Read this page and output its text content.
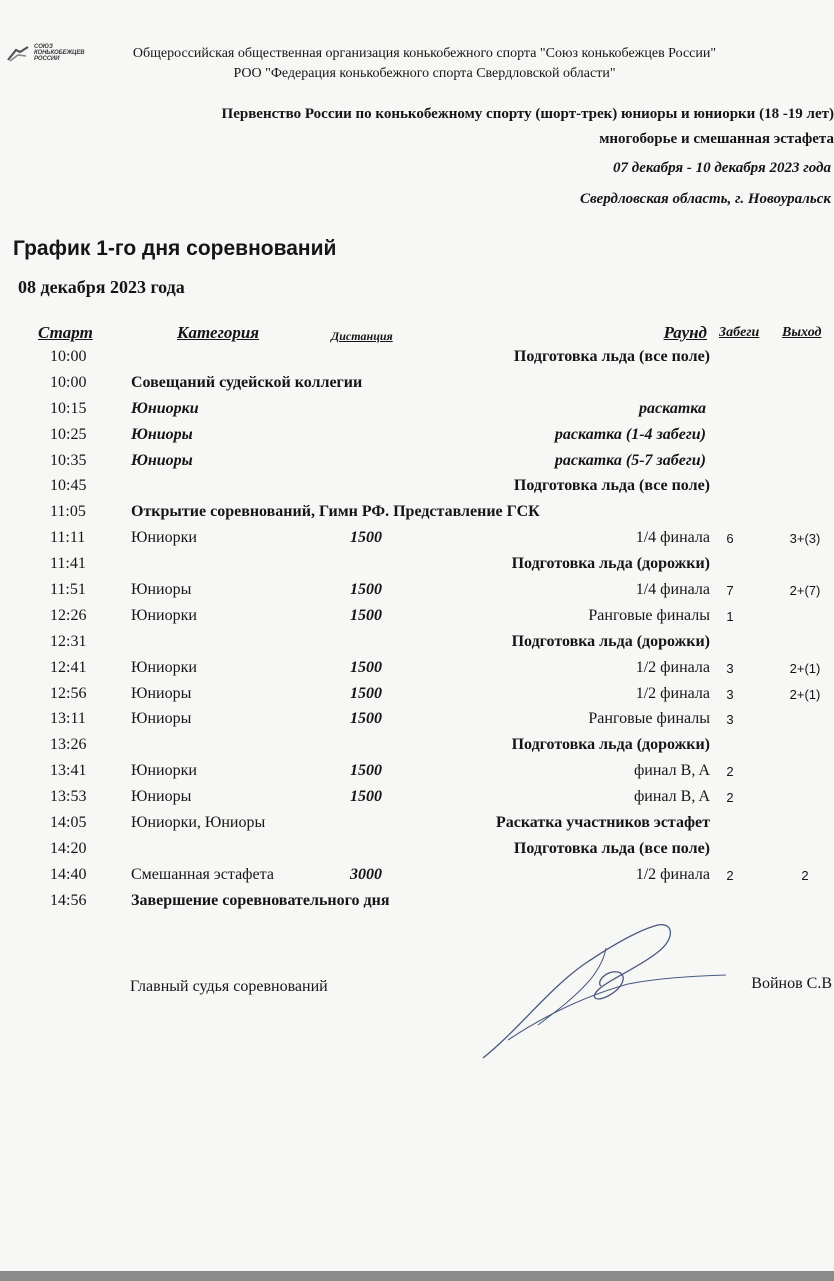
СОЮЗ
КОНЬКОБЕЖЦЕВ
РОССИИ	Общероссийская общественная организация конькобежного спорта "Союз конькобежцев России"
РОО "Федерация конькобежного спорта Свердловской области"
Первенство России по конькобежному спорту (шорт-трек) юниоры и юниорки (18 -19 лет)
многоборье и смешанная эстафета
07 декабря - 10 декабря 2023 года
Свердловская область, г. Новоуральск
График 1-го дня соревнований
08 декабря 2023 года
Старт	Категория	Дистанция	Раунд Забеги Выход
10:00	Подготовка льда (все поле)
10:00	Совещаний судейской коллегии
10:15	Юниорки	раскатка
10:25	Юниоры	раскатка (1-4 забеги)
10:35	Юниоры	раскатка (5-7 забеги)
10:45	Подготовка льда (все поле)
11:05	Открытие соревнований, Гимн РФ. Представление ГСК
11:11	Юниорки	1500	1/4 финала	6	3+(3)
11:41	Подготовка льда (дорожки)
11:51	Юниоры	1500	1/4 финала	7	2+(7)
12:26	Юниорки	1500	Ранговые финалы	1
12:31	Подготовка льда (дорожки)
12:41	Юниорки	1500	1/2 финала	3	2+(1)
12:56	Юниоры	1500	1/2 финала	3	2+(1)
13:11	Юниоры	1500	Ранговые финалы	3
13:26	Подготовка льда (дорожки)
13:41	Юниорки	1500	финал B, A	2
13:53	Юниоры	1500	финал B, A	2
14:05	Юниорки, Юниоры	Раскатка участников эстафет
14:20	Подготовка льда (все поле)
14:40	Смешанная эстафета	3000	1/2 финала	2	2
14:56	Завершение соревновательного дня
Главный судья соревнований	Войнов С.В
